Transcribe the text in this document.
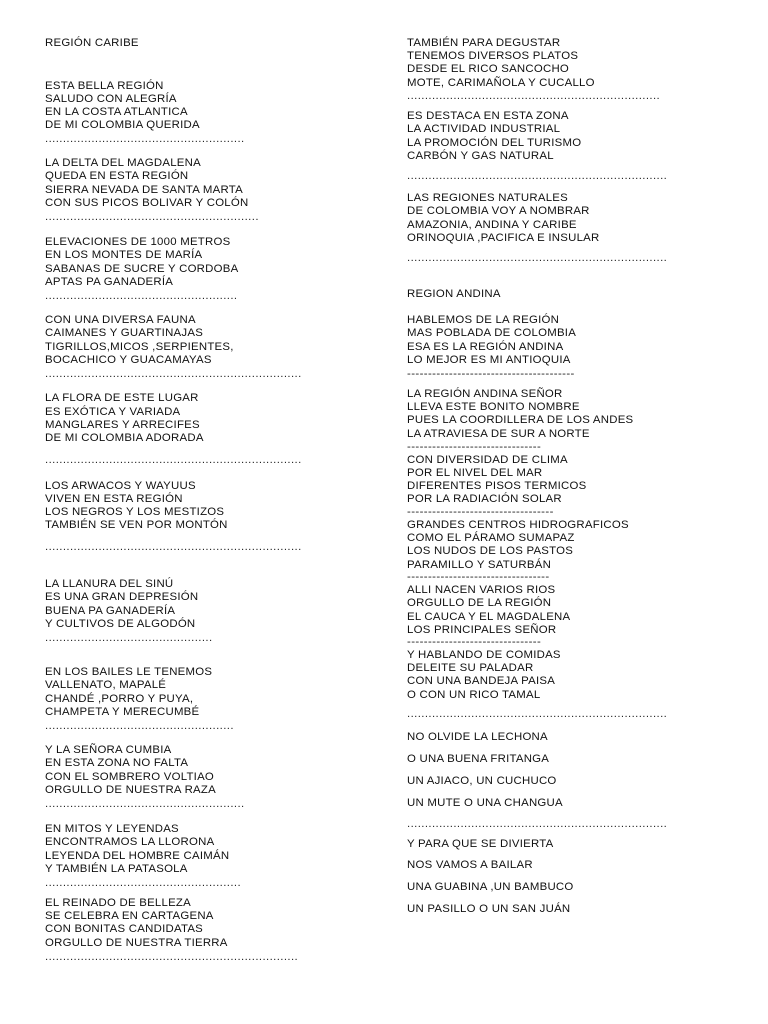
REGIÓN CARIBE

ESTA BELLA REGIÓN

SALUDO CON ALEGRÍA

EN LA COSTA ATLANTICA

DE MI COLOMBIA QUERIDA

........................................................

LA DELTA DEL MAGDALENA

QUEDA EN ESTA REGIÓN

SIERRA NEVADA DE SANTA MARTA

CON SUS PICOS BOLIVAR Y COLÓN

............................................................

ELEVACIONES DE 1000 METROS

EN LOS MONTES DE MARÍA

SABANAS DE SUCRE Y CORDOBA

APTAS PA GANADERÍA

......................................................

CON UNA DIVERSA FAUNA

CAIMANES Y GUARTINAJAS

TIGRILLOS,MICOS ,SERPIENTES,

BOCACHICO Y GUACAMAYAS

........................................................................

LA FLORA DE ESTE LUGAR

ES EXÓTICA Y VARIADA

MANGLARES Y ARRECIFES

DE MI COLOMBIA ADORADA

........................................................................

LOS ARWACOS Y WAYUUS

VIVEN EN ESTA REGIÓN

LOS NEGROS Y LOS MESTIZOS

TAMBIÉN SE VEN POR MONTÓN

........................................................................

LA LLANURA DEL SINÚ

ES UNA GRAN DEPRESIÓN

BUENA PA GANADERÍA

Y CULTIVOS DE ALGODÓN

...............................................

EN LOS BAILES LE TENEMOS

VALLENATO, MAPALÉ

CHANDÉ ,PORRO Y PUYA,

CHAMPETA Y MERECUMBÉ

.....................................................

Y LA SEÑORA CUMBIA

EN ESTA ZONA NO FALTA

CON EL SOMBRERO VOLTIAO

ORGULLO DE NUESTRA RAZA

........................................................

EN MITOS Y LEYENDAS

ENCONTRAMOS LA LLORONA

LEYENDA DEL HOMBRE CAIMÁN

Y TAMBIÉN LA PATASOLA

.......................................................

EL REINADO DE BELLEZA

SE CELEBRA EN CARTAGENA

CON BONITAS CANDIDATAS

ORGULLO DE NUESTRA TIERRA

.......................................................................

TAMBIÉN PARA DEGUSTAR

TENEMOS DIVERSOS PLATOS

DESDE EL RICO SANCOCHO

MOTE, CARIMAÑOLA Y CUCALLO

.......................................................................

ES DESTACA EN ESTA ZONA

LA ACTIVIDAD INDUSTRIAL

LA PROMOCIÓN DEL TURISMO

CARBÓN Y GAS NATURAL

.........................................................................

LAS REGIONES NATURALES

DE COLOMBIA VOY A NOMBRAR

AMAZONIA, ANDINA Y CARIBE

ORINOQUIA ,PACIFICA E INSULAR

.........................................................................

REGION ANDINA

HABLEMOS DE LA REGIÓN

MAS POBLADA DE COLOMBIA

ESA ES LA REGIÓN ANDINA

LO MEJOR ES MI ANTIOQUIA

----------------------------------------

LA REGIÓN ANDINA SEÑOR

LLEVA ESTE BONITO NOMBRE

PUES LA COORDILLERA DE LOS ANDES

LA ATRAVIESA DE SUR A NORTE

--------------------------------

CON DIVERSIDAD DE CLIMA

POR EL NIVEL DEL MAR

DIFERENTES PISOS TERMICOS

POR LA RADIACIÓN SOLAR

-----------------------------------

GRANDES CENTROS HIDROGRAFICOS

COMO EL PÁRAMO SUMAPAZ

LOS NUDOS DE LOS PASTOS

PARAMILLO Y SATURBÁN

----------------------------------

ALLI NACEN VARIOS RIOS

ORGULLO DE LA REGIÓN

EL CAUCA Y EL MAGDALENA

LOS PRINCIPALES SEÑOR

--------------------------------

Y HABLANDO DE COMIDAS

DELEITE SU PALADAR

CON UNA BANDEJA PAISA

O CON UN RICO TAMAL

.........................................................................

NO OLVIDE LA LECHONA

O UNA BUENA FRITANGA

UN AJIACO, UN CUCHUCO

UN MUTE O UNA CHANGUA

.........................................................................

Y PARA QUE SE DIVIERTA

NOS VAMOS A BAILAR

UNA GUABINA ,UN BAMBUCO

UN PASILLO O UN SAN JUÁN
